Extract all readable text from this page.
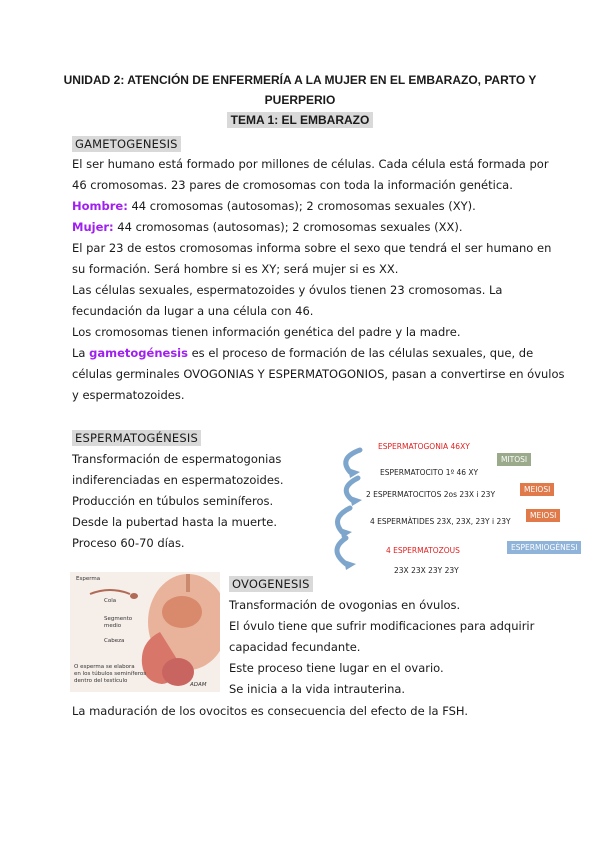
UNIDAD 2: ATENCIÓN DE ENFERMERÍA A LA MUJER EN EL EMBARAZO, PARTO Y
PUERPERIO
TEMA 1: EL EMBARAZO
GAMETOGENESIS
El ser humano está formado por millones de células. Cada célula está formada por
46 cromosomas. 23 pares de cromosomas con toda la información genética.
Hombre: 44 cromosomas (autosomas); 2 cromosomas sexuales (XY).
Mujer: 44 cromosomas (autosomas); 2 cromosomas sexuales (XX).
El par 23 de estos cromosomas informa sobre el sexo que tendrá el ser humano en
su formación. Será hombre si es XY; será mujer si es XX.
Las células sexuales, espermatozoides y óvulos tienen 23 cromosomas. La
fecundación da lugar a una célula con 46.
Los cromosomas tienen información genética del padre y la madre.
La gametogénesis es el proceso de formación de las células sexuales, que, de
células germinales OVOGONIAS Y ESPERMATOGONIOS, pasan a convertirse en óvulos
y espermatozoides.
ESPERMATOGÉNESIS
Transformación de espermatogonias
indiferenciadas en espermatozoides.
Producción en túbulos seminíferos.
Desde la pubertad hasta la muerte.
Proceso 60-70 días.
ESPERMATOGONIA 46XY
ESPERMATOCITO 1º 46 XY
2 ESPERMATOCITOS 2os 23X i 23Y
4 ESPERMÀTIDES 23X, 23X, 23Y i 23Y
4 ESPERMATOZOUS
23X 23X 23Y 23Y
MITOSI
MEIOSI
MEIOSI
ESPERMIOGÈNESI
Esperma
Cola
Segmento
medio
Cabeza
O esperma se elabora
en los túbulos seminíferos
dentro del testículo
ADAM
OVOGENESIS
Transformación de ovogonias en óvulos.
El óvulo tiene que sufrir modificaciones para adquirir
capacidad fecundante.
Este proceso tiene lugar en el ovario.
Se inicia a la vida intrauterina.
La maduración de los ovocitos es consecuencia del efecto de la FSH.
